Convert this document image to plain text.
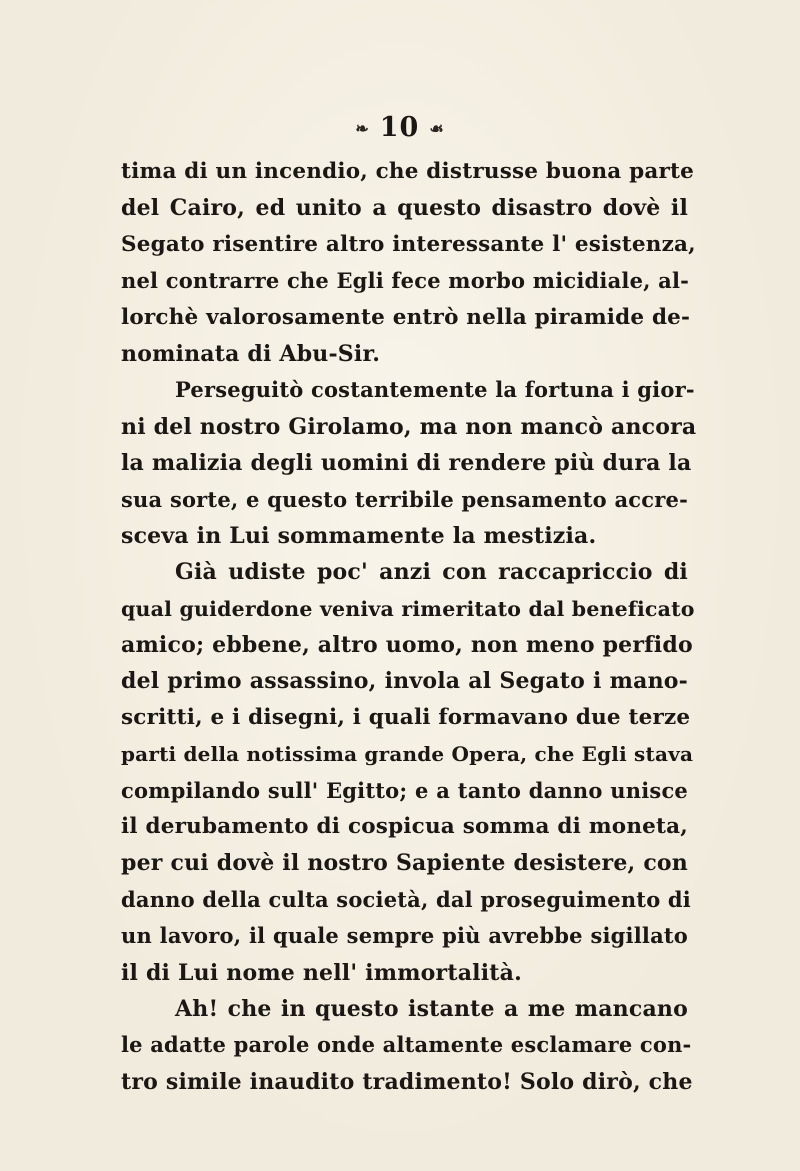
❧ 10 ☙
tima di un incendio, che distrusse buona parte
del Cairo, ed unito a questo disastro dovè il
Segato risentire altro interessante l' esistenza,
nel contrarre che Egli fece morbo micidiale, al-
lorchè valorosamente entrò nella piramide de-
nominata di Abu-Sir.
Perseguitò costantemente la fortuna i gior-
ni del nostro Girolamo, ma non mancò ancora
la malizia degli uomini di rendere più dura la
sua sorte, e questo terribile pensamento accre-
sceva in Lui sommamente la mestizia.
Già udiste poc' anzi con raccapriccio di
qual guiderdone veniva rimeritato dal beneficato
amico; ebbene, altro uomo, non meno perfido
del primo assassino, invola al Segato i mano-
scritti, e i disegni, i quali formavano due terze
parti della notissima grande Opera, che Egli stava
compilando sull' Egitto; e a tanto danno unisce
il derubamento di cospicua somma di moneta,
per cui dovè il nostro Sapiente desistere, con
danno della culta società, dal proseguimento di
un lavoro, il quale sempre più avrebbe sigillato
il di Lui nome nell' immortalità.
Ah! che in questo istante a me mancano
le adatte parole onde altamente esclamare con-
tro simile inaudito tradimento! Solo dirò, che
